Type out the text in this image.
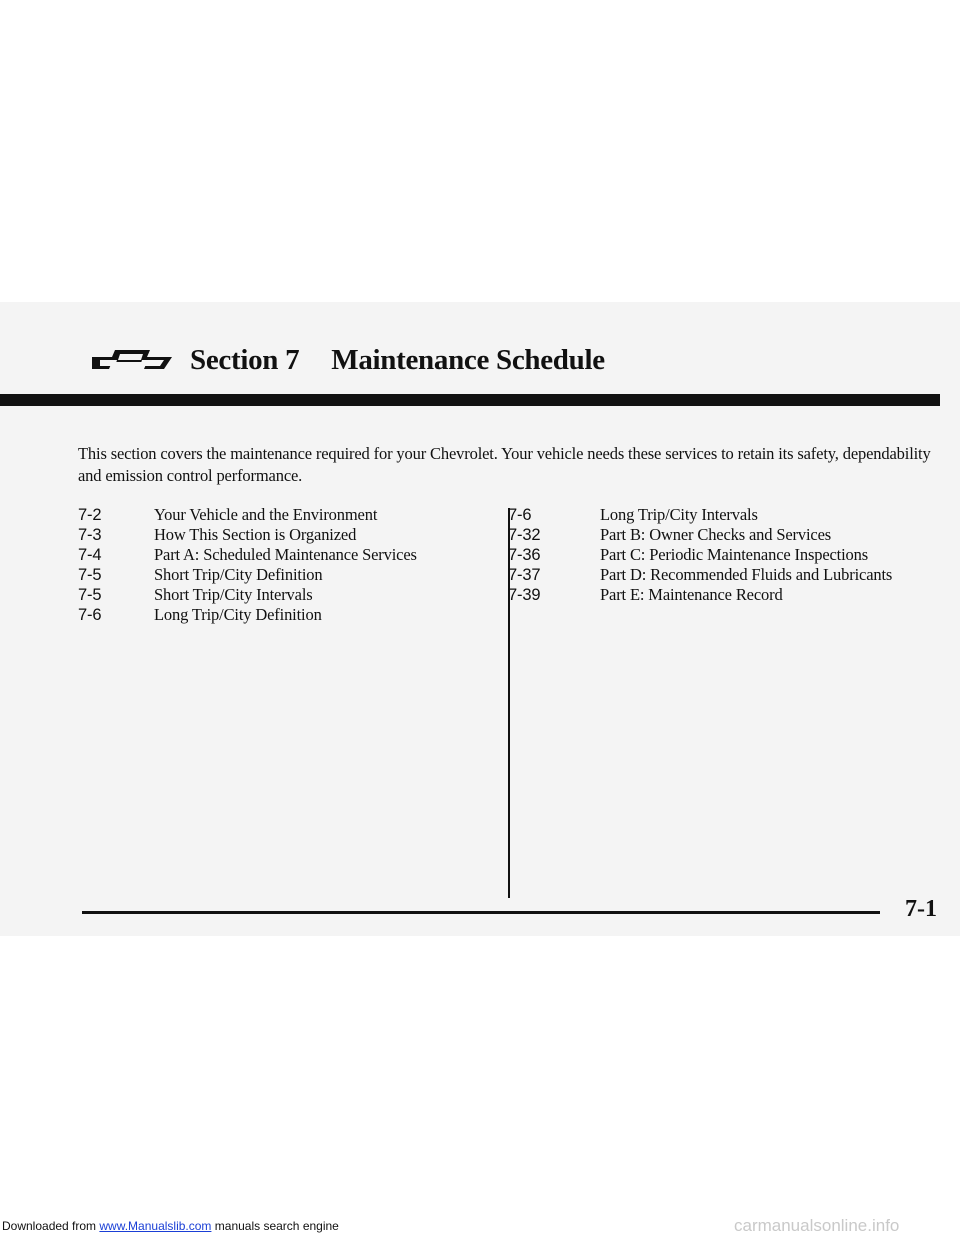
Section 7 Maintenance Schedule

This section covers the maintenance required for your Chevrolet. Your vehicle needs these services to retain its safety, dependability and emission control performance.

7-2	Your Vehicle and the Environment
7-3	How This Section is Organized
7-4	Part A: Scheduled Maintenance Services
7-5	Short Trip/City Definition
7-5	Short Trip/City Intervals
7-6	Long Trip/City Definition
7-6	Long Trip/City Intervals
7-32	Part B: Owner Checks and Services
7-36	Part C: Periodic Maintenance Inspections
7-37	Part D: Recommended Fluids and Lubricants
7-39	Part E: Maintenance Record
7-1
Downloaded from www.Manualslib.com manuals search engine	carmanualsonline.info
